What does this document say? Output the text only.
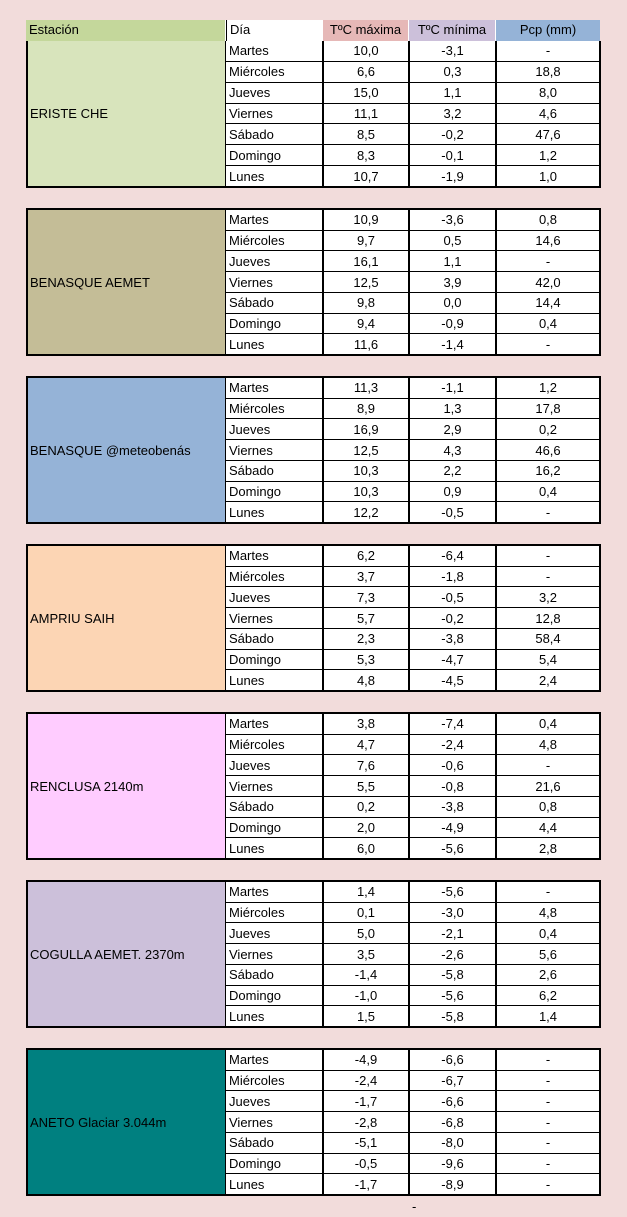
Estación	Día	TºC máxima	TºC mínima	Pcp (mm)
ERISTE CHE
Martes	10,0	-3,1	-
Miércoles	6,6	0,3	18,8
Jueves	15,0	1,1	8,0
Viernes	11,1	3,2	4,6
Sábado	8,5	-0,2	47,6
Domingo	8,3	-0,1	1,2
Lunes	10,7	-1,9	1,0
BENASQUE AEMET
Martes	10,9	-3,6	0,8
Miércoles	9,7	0,5	14,6
Jueves	16,1	1,1	-
Viernes	12,5	3,9	42,0
Sábado	9,8	0,0	14,4
Domingo	9,4	-0,9	0,4
Lunes	11,6	-1,4	-
BENASQUE @meteobenás
Martes	11,3	-1,1	1,2
Miércoles	8,9	1,3	17,8
Jueves	16,9	2,9	0,2
Viernes	12,5	4,3	46,6
Sábado	10,3	2,2	16,2
Domingo	10,3	0,9	0,4
Lunes	12,2	-0,5	-
AMPRIU SAIH
Martes	6,2	-6,4	-
Miércoles	3,7	-1,8	-
Jueves	7,3	-0,5	3,2
Viernes	5,7	-0,2	12,8
Sábado	2,3	-3,8	58,4
Domingo	5,3	-4,7	5,4
Lunes	4,8	-4,5	2,4
RENCLUSA 2140m
Martes	3,8	-7,4	0,4
Miércoles	4,7	-2,4	4,8
Jueves	7,6	-0,6	-
Viernes	5,5	-0,8	21,6
Sábado	0,2	-3,8	0,8
Domingo	2,0	-4,9	4,4
Lunes	6,0	-5,6	2,8
COGULLA AEMET. 2370m
Martes	1,4	-5,6	-
Miércoles	0,1	-3,0	4,8
Jueves	5,0	-2,1	0,4
Viernes	3,5	-2,6	5,6
Sábado	-1,4	-5,8	2,6
Domingo	-1,0	-5,6	6,2
Lunes	1,5	-5,8	1,4
ANETO Glaciar 3.044m
Martes	-4,9	-6,6	-
Miércoles	-2,4	-6,7	-
Jueves	-1,7	-6,6	-
Viernes	-2,8	-6,8	-
Sábado	-5,1	-8,0	-
Domingo	-0,5	-9,6	-
Lunes	-1,7	-8,9	-
-
